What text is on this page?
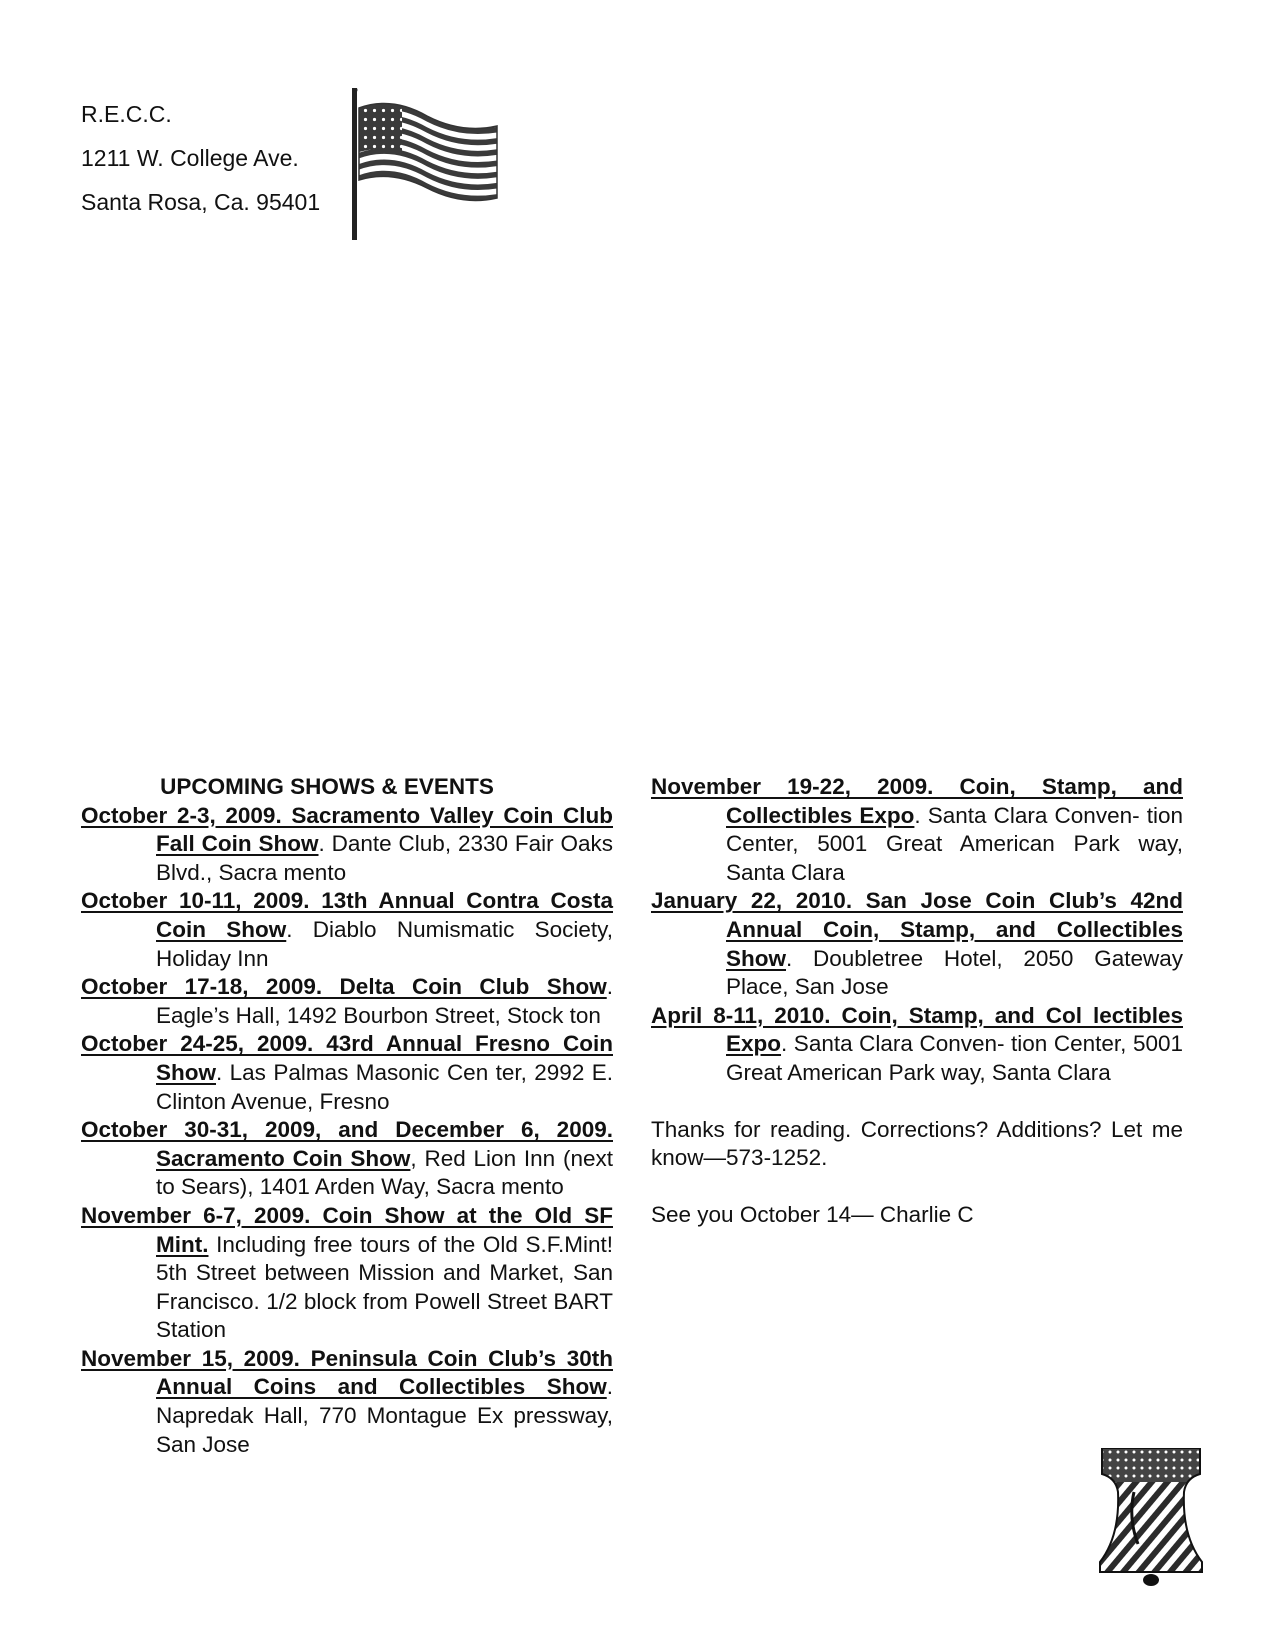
R.E.C.C.
1211 W. College Ave.
Santa Rosa, Ca. 95401
UPCOMING SHOWS & EVENTS
October 2-3, 2009. Sacramento Valley Coin Club Fall Coin Show. Dante Club, 2330 Fair Oaks Blvd., Sacra mento
October 10-11, 2009. 13th Annual Contra Costa Coin Show. Diablo Numismatic Society, Holiday Inn
October 17-18, 2009. Delta Coin Club Show. Eagle’s Hall, 1492 Bourbon Street, Stock ton
October 24-25, 2009. 43rd Annual Fresno Coin Show. Las Palmas Masonic Cen ter, 2992 E. Clinton Avenue, Fresno
October 30-31, 2009, and December 6, 2009. Sacramento Coin Show, Red Lion Inn (next to Sears), 1401 Arden Way, Sacra mento
November 6-7, 2009. Coin Show at the Old SF Mint. Including free tours of the Old S.F.Mint! 5th Street between Mission and Market, San Francisco. 1/2 block from Powell Street BART Station
November 15, 2009. Peninsula Coin Club’s 30th Annual Coins and Collectibles Show. Napredak Hall, 770 Montague Ex pressway, San Jose
November 19-22, 2009. Coin, Stamp, and Collectibles Expo. Santa Clara Conven- tion Center, 5001 Great American Park way, Santa Clara
January 22, 2010. San Jose Coin Club’s 42nd Annual Coin, Stamp, and Collectibles Show. Doubletree Hotel, 2050 Gateway Place, San Jose
April 8-11, 2010. Coin, Stamp, and Col lectibles Expo. Santa Clara Conven- tion Center, 5001 Great American Park way, Santa Clara
Thanks for reading. Corrections? Additions? Let me know—573-1252.
See you October 14— Charlie C
